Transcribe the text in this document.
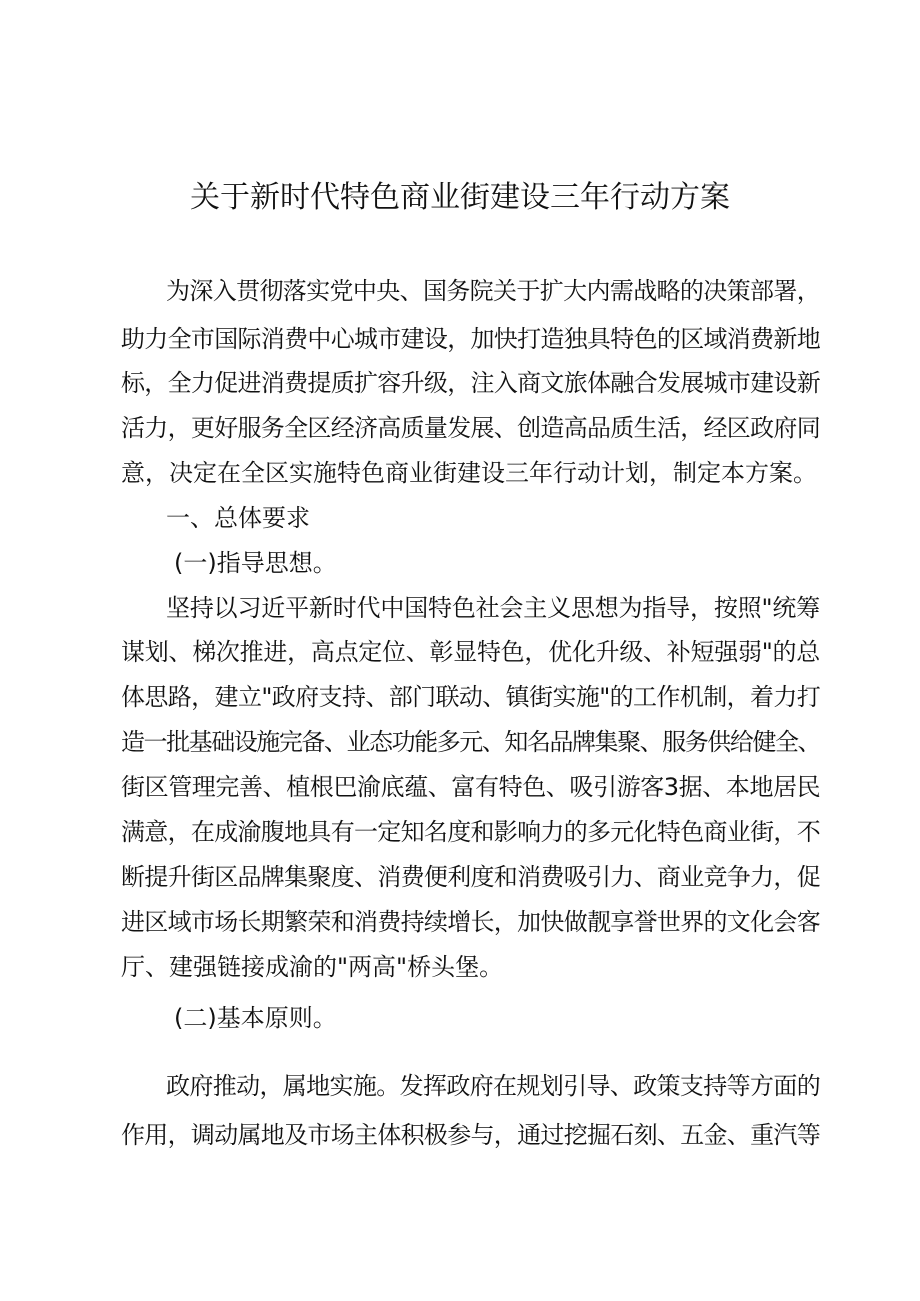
关于新时代特色商业街建设三年行动方案
为深入贯彻落实党中央、国务院关于扩大内需战略的决策部署，
助力全市国际消费中心城市建设，加快打造独具特色的区域消费新地
标，全力促进消费提质扩容升级，注入商文旅体融合发展城市建设新
活力，更好服务全区经济高质量发展、创造高品质生活，经区政府同
意，决定在全区实施特色商业街建设三年行动计划，制定本方案。
一、总体要求
(一)指导思想。
坚持以习近平新时代中国特色社会主义思想为指导，按照"统筹
谋划、梯次推进，高点定位、彰显特色，优化升级、补短强弱"的总
体思路，建立"政府支持、部门联动、镇街实施"的工作机制，着力打
造一批基础设施完备、业态功能多元、知名品牌集聚、服务供给健全、
街区管理完善、植根巴渝底蕴、富有特色、吸引游客3据、本地居民
满意，在成渝腹地具有一定知名度和影响力的多元化特色商业街，不
断提升街区品牌集聚度、消费便利度和消费吸引力、商业竞争力，促
进区域市场长期繁荣和消费持续增长，加快做靓享誉世界的文化会客
厅、建强链接成渝的"两高"桥头堡。
(二)基本原则。
政府推动，属地实施。发挥政府在规划引导、政策支持等方面的
作用，调动属地及市场主体积极参与，通过挖掘石刻、五金、重汽等
